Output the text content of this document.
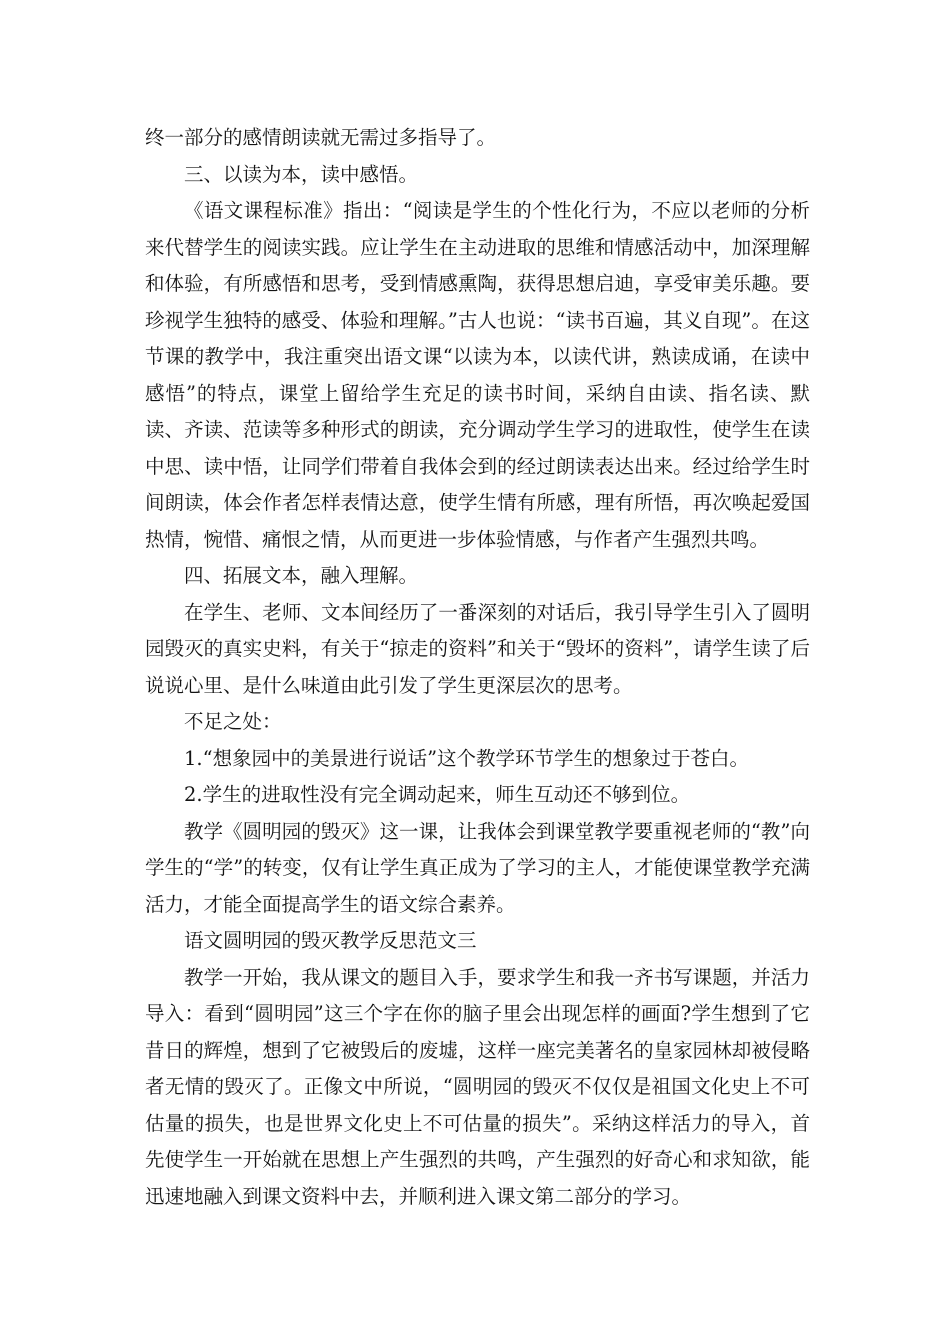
终一部分的感情朗读就无需过多指导了。

三、以读为本，读中感悟。

《语文课程标准》指出：“阅读是学生的个性化行为，不应以老师的分析来代替学生的阅读实践。应让学生在主动进取的思维和情感活动中，加深理解和体验，有所感悟和思考，受到情感熏陶，获得思想启迪，享受审美乐趣。要珍视学生独特的感受、体验和理解。”古人也说：“读书百遍，其义自现”。在这节课的教学中，我注重突出语文课“以读为本，以读代讲，熟读成诵，在读中感悟”的特点，课堂上留给学生充足的读书时间，采纳自由读、指名读、默读、齐读、范读等多种形式的朗读，充分调动学生学习的进取性，使学生在读中思、读中悟，让同学们带着自我体会到的经过朗读表达出来。经过给学生时间朗读，体会作者怎样表情达意，使学生情有所感，理有所悟，再次唤起爱国热情，惋惜、痛恨之情，从而更进一步体验情感，与作者产生强烈共鸣。

四、拓展文本，融入理解。

在学生、老师、文本间经历了一番深刻的对话后，我引导学生引入了圆明园毁灭的真实史料，有关于“掠走的资料”和关于“毁坏的资料”，请学生读了后说说心里、是什么味道由此引发了学生更深层次的思考。

不足之处：

1.“想象园中的美景进行说话”这个教学环节学生的想象过于苍白。

2.学生的进取性没有完全调动起来，师生互动还不够到位。

教学《圆明园的毁灭》这一课，让我体会到课堂教学要重视老师的“教”向学生的“学”的转变，仅有让学生真正成为了学习的主人，才能使课堂教学充满活力，才能全面提高学生的语文综合素养。

语文圆明园的毁灭教学反思范文三

教学一开始，我从课文的题目入手，要求学生和我一齐书写课题，并活力导入：看到“圆明园”这三个字在你的脑子里会出现怎样的画面?学生想到了它昔日的辉煌，想到了它被毁后的废墟，这样一座完美著名的皇家园林却被侵略者无情的毁灭了。正像文中所说，“圆明园的毁灭不仅仅是祖国文化史上不可估量的损失，也是世界文化史上不可估量的损失”。采纳这样活力的导入，首先使学生一开始就在思想上产生强烈的共鸣，产生强烈的好奇心和求知欲，能迅速地融入到课文资料中去，并顺利进入课文第二部分的学习。
